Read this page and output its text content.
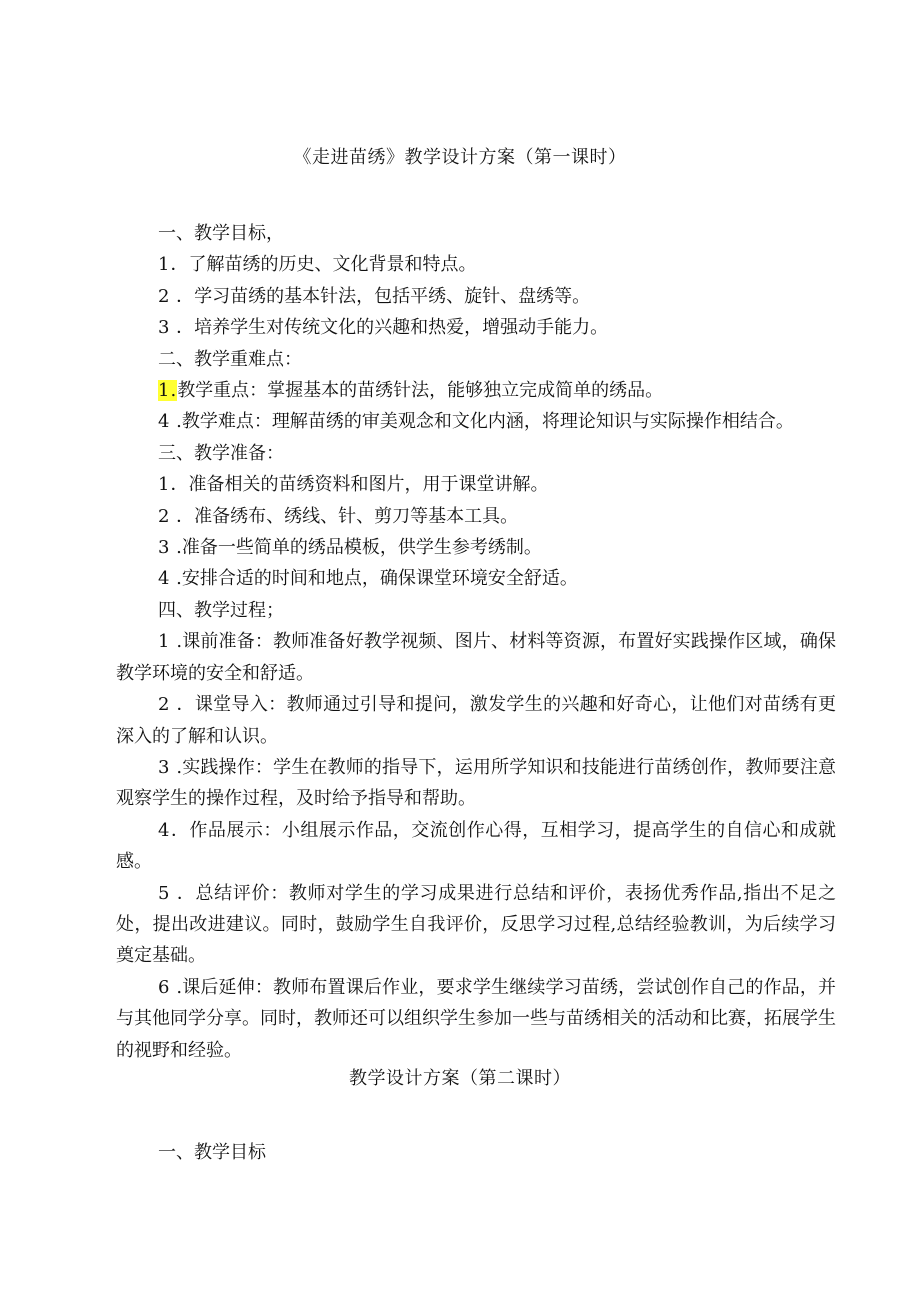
《走进苗绣》教学设计方案（第一课时）

一、教学目标，

1．了解苗绣的历史、文化背景和特点。

2 ．学习苗绣的基本针法，包括平绣、旋针、盘绣等。

3 ．培养学生对传统文化的兴趣和热爱，增强动手能力。

二、教学重难点：

1.教学重点：掌握基本的苗绣针法，能够独立完成简单的绣品。

4 .教学难点：理解苗绣的审美观念和文化内涵，将理论知识与实际操作相结合。

三、教学准备：

1．准备相关的苗绣资料和图片，用于课堂讲解。

2 ．准备绣布、绣线、针、剪刀等基本工具。

3 .准备一些简单的绣品模板，供学生参考绣制。

4 .安排合适的时间和地点，确保课堂环境安全舒适。

四、教学过程；

1 .课前准备：教师准备好教学视频、图片、材料等资源，布置好实践操作区域，确保教学环境的安全和舒适。

2 ．课堂导入：教师通过引导和提问，激发学生的兴趣和好奇心，让他们对苗绣有更深入的了解和认识。

3 .实践操作：学生在教师的指导下，运用所学知识和技能进行苗绣创作，教师要注意观察学生的操作过程，及时给予指导和帮助。

4．作品展示：小组展示作品，交流创作心得，互相学习，提高学生的自信心和成就感。

5 ．总结评价：教师对学生的学习成果进行总结和评价，表扬优秀作品,指出不足之处，提出改进建议。同时，鼓励学生自我评价，反思学习过程,总结经验教训，为后续学习奠定基础。

6 .课后延伸：教师布置课后作业，要求学生继续学习苗绣，尝试创作自己的作品，并与其他同学分享。同时，教师还可以组织学生参加一些与苗绣相关的活动和比赛，拓展学生的视野和经验。

教学设计方案（第二课时）

一、教学目标
